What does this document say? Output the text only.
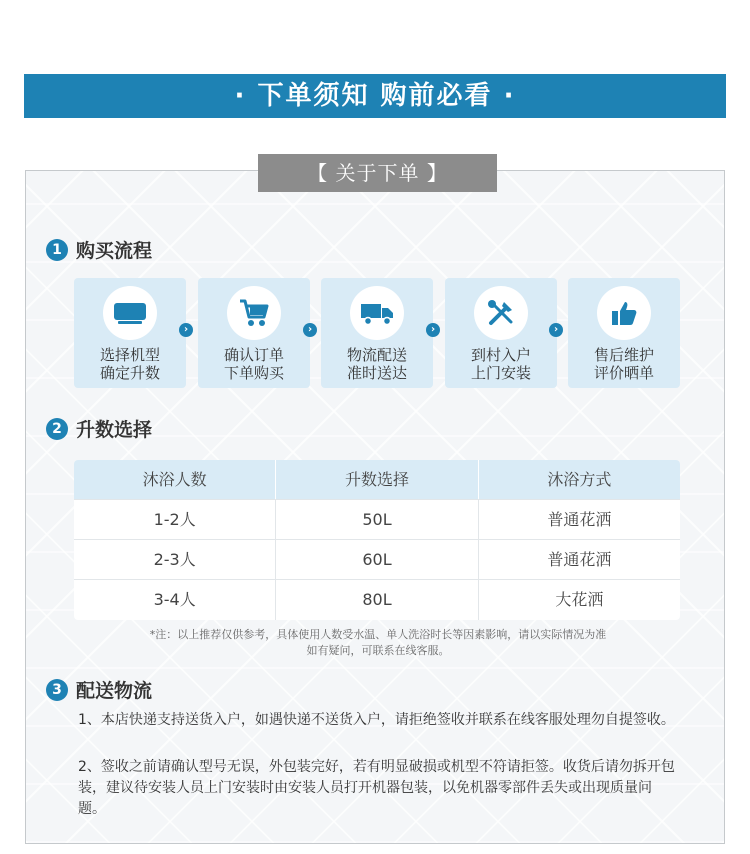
· 下单须知 购前必看 ·
【 关于下单 】
1 购买流程
选择机型
确定升数
›
确认订单
下单购买
›
物流配送
准时送达
›
到村入户
上门安装
›
售后维护
评价晒单
2 升数选择
沐浴人数	升数选择	沐浴方式
1-2人	50L	普通花洒
2-3人	60L	普通花洒
3-4人	80L	大花洒
*注：以上推荐仅供参考，具体使用人数受水温、单人洗浴时长等因素影响，请以实际情况为准
如有疑问，可联系在线客服。
3 配送物流
1、本店快递支持送货入户，如遇快递不送货入户，请拒绝签收并联系在线客服处理勿自提签收。
2、签收之前请确认型号无误，外包装完好，若有明显破损或机型不符请拒签。收货后请勿拆开包装，建议待安装人员上门安装时由安装人员打开机器包装，以免机器零部件丢失或出现质量问题。
